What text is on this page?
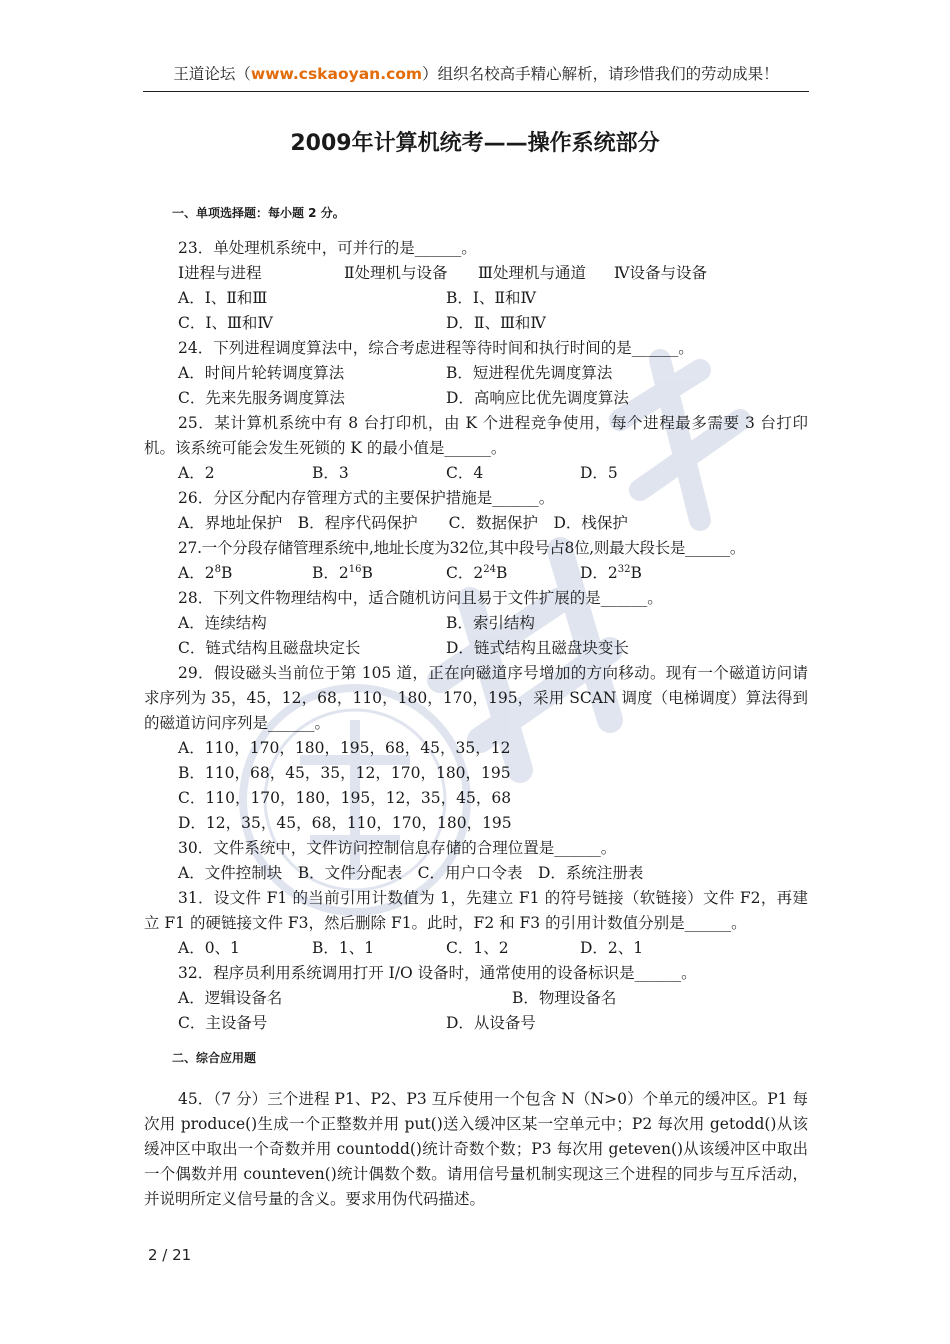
王道论坛（www.cskaoyan.com）组织名校高手精心解析，请珍惜我们的劳动成果！
2009年计算机统考——操作系统部分
一、单项选择题：每小题 2 分。
23．单处理机系统中，可并行的是______。
Ⅰ进程与进程	Ⅱ处理机与设备 Ⅲ处理机与通道 Ⅳ设备与设备
A．Ⅰ、Ⅱ和Ⅲ	B．Ⅰ、Ⅱ和Ⅳ
C．Ⅰ、Ⅲ和Ⅳ	D．Ⅱ、Ⅲ和Ⅳ
24．下列进程调度算法中，综合考虑进程等待时间和执行时间的是______。
A．时间片轮转调度算法	B．短进程优先调度算法
C．先来先服务调度算法	D．高响应比优先调度算法
25．某计算机系统中有 8 台打印机，由 K 个进程竞争使用，每个进程最多需要 3 台打印机。该系统可能会发生死锁的 K 的最小值是______。
A．2	B．3	C．4	D．5
26．分区分配内存管理方式的主要保护措施是______。
A．界地址保护　B．程序代码保护　　C．数据保护　D．栈保护
27.一个分段存储管理系统中,地址长度为32位,其中段号占8位,则最大段长是______。
A．$2^8B$	B．$2^{16}B$	C．$2^{24}B$	D．$2^{32}B$
28．下列文件物理结构中，适合随机访问且易于文件扩展的是______。
A．连续结构	B．索引结构
C．链式结构且磁盘块定长	D．链式结构且磁盘块变长
29．假设磁头当前位于第 105 道，正在向磁道序号增加的方向移动。现有一个磁道访问请求序列为 35，45，12，68，110，180，170，195，采用 SCAN 调度（电梯调度）算法得到的磁道访问序列是______。
A．110，170，180，195，68，45，35，12
B．110，68，45，35，12，170，180，195
C．110，170，180，195，12，35，45，68
D．12，35，45，68，110，170，180，195
30．文件系统中，文件访问控制信息存储的合理位置是______。
A．文件控制块　B．文件分配表　C．用户口令表　D．系统注册表
31．设文件 F1 的当前引用计数值为 1，先建立 F1 的符号链接（软链接）文件 F2，再建立 F1 的硬链接文件 F3，然后删除 F1。此时，F2 和 F3 的引用计数值分别是______。
A．0、1	B．1、1	C．1、2	D．2、1
32．程序员利用系统调用打开 I/O 设备时，通常使用的设备标识是______。
A．逻辑设备名	B．物理设备名
C．主设备号	D．从设备号
二、综合应用题
45．（7 分）三个进程 P1、P2、P3 互斥使用一个包含 N（N>0）个单元的缓冲区。P1 每次用 produce()生成一个正整数并用 put()送入缓冲区某一空单元中；P2 每次用 getodd()从该缓冲区中取出一个奇数并用 countodd()统计奇数个数；P3 每次用 geteven()从该缓冲区中取出一个偶数并用 counteven()统计偶数个数。请用信号量机制实现这三个进程的同步与互斥活动，并说明所定义信号量的含义。要求用伪代码描述。
2 / 21
